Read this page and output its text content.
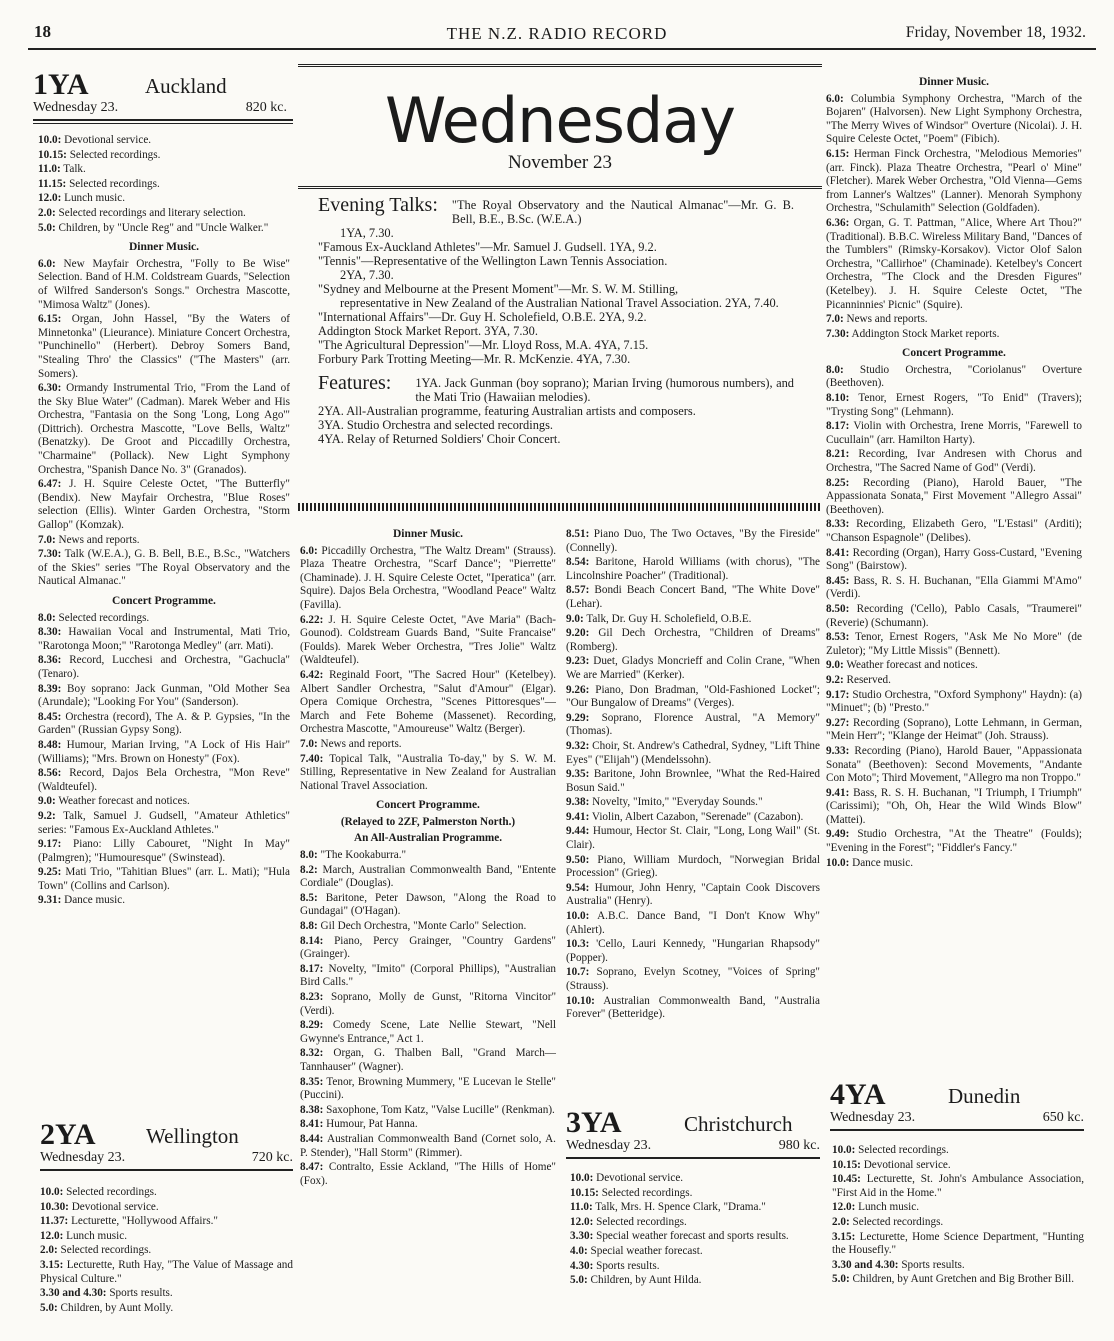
18	THE N.Z. RADIO RECORD	Friday, November 18, 1932.
1YA	Auckland
Wednesday 23.	820 kc.

10.0: Devotional service.

10.15: Selected recordings.

11.0: Talk.

11.15: Selected recordings.

12.0: Lunch music.

2.0: Selected recordings and literary selection.

5.0: Children, by "Uncle Reg" and "Uncle Walker."

Dinner Music.

6.0: New Mayfair Orchestra, "Folly to Be Wise" Selection. Band of H.M. Coldstream Guards, "Selection of Wilfred Sanderson's Songs." Orchestra Mascotte, "Mimosa Waltz" (Jones).

6.15: Organ, John Hassel, "By the Waters of Minnetonka" (Lieurance). Miniature Concert Orchestra, "Punchinello" (Herbert). Debroy Somers Band, "Stealing Thro' the Classics" ("The Masters" (arr. Somers).

6.30: Ormandy Instrumental Trio, "From the Land of the Sky Blue Water" (Cadman). Marek Weber and His Orchestra, "Fantasia on the Song 'Long, Long Ago'" (Dittrich). Orchestra Mascotte, "Love Bells, Waltz" (Benatzky). De Groot and Piccadilly Orchestra, "Charmaine" (Pollack). New Light Symphony Orchestra, "Spanish Dance No. 3" (Granados).

6.47: J. H. Squire Celeste Octet, "The Butterfly" (Bendix). New Mayfair Orchestra, "Blue Roses" selection (Ellis). Winter Garden Orchestra, "Storm Gallop" (Komzak).

7.0: News and reports.

7.30: Talk (W.E.A.), G. B. Bell, B.E., B.Sc., "Watchers of the Skies" series "The Royal Observatory and the Nautical Almanac."

Concert Programme.

8.0: Selected recordings.

8.30: Hawaiian Vocal and Instrumental, Mati Trio, "Rarotonga Moon;" "Rarotonga Medley" (arr. Mati).

8.36: Record, Lucchesi and Orchestra, "Gachucla" (Tenaro).

8.39: Boy soprano: Jack Gunman, "Old Mother Sea (Arundale); "Looking For You" (Sanderson).

8.45: Orchestra (record), The A. & P. Gypsies, "In the Garden" (Russian Gypsy Song).

8.48: Humour, Marian Irving, "A Lock of His Hair" (Williams); "Mrs. Brown on Honesty" (Fox).

8.56: Record, Dajos Bela Orchestra, "Mon Reve" (Waldteufel).

9.0: Weather forecast and notices.

9.2: Talk, Samuel J. Gudsell, "Amateur Athletics" series: "Famous Ex-Auckland Athletes."

9.17: Piano: Lilly Cabouret, "Night In May" (Palmgren); "Humouresque" (Swinstead).

9.25: Mati Trio, "Tahitian Blues" (arr. L. Mati); "Hula Town" (Collins and Carlson).

9.31: Dance music.

2YA Wellington
Wednesday 23.	720 kc.

10.0: Selected recordings.

10.30: Devotional service.

11.37: Lecturette, "Hollywood Affairs."

12.0: Lunch music.

2.0: Selected recordings.

3.15: Lecturette, Ruth Hay, "The Value of Massage and Physical Culture."

3.30 and 4.30: Sports results.

5.0: Children, by Aunt Molly.

Wednesday
November 23
Evening Talks: "The Royal Observatory and the Nautical Almanac"—Mr. G. B. Bell, B.E., B.Sc. (W.E.A.)

1YA, 7.30.

"Famous Ex-Auckland Athletes"—Mr. Samuel J. Gudsell. 1YA, 9.2.

"Tennis"—Representative of the Wellington Lawn Tennis Association.

2YA, 7.30.

"Sydney and Melbourne at the Present Moment"—Mr. S. W. M. Stilling,

representative in New Zealand of the Australian National Travel Association. 2YA, 7.40.

"International Affairs"—Dr. Guy H. Scholefield, O.B.E. 2YA, 9.2.

Addington Stock Market Report. 3YA, 7.30.

"The Agricultural Depression"—Mr. Lloyd Ross, M.A. 4YA, 7.15.

Forbury Park Trotting Meeting—Mr. R. McKenzie. 4YA, 7.30.

Features: 1YA. Jack Gunman (boy soprano); Marian Irving (humorous numbers), and the Mati Trio (Hawaiian melodies).

2YA. All-Australian programme, featuring Australian artists and composers.

3YA. Studio Orchestra and selected recordings.

4YA. Relay of Returned Soldiers' Choir Concert.

Dinner Music.

6.0: Piccadilly Orchestra, "The Waltz Dream" (Strauss). Plaza Theatre Orchestra, "Scarf Dance"; "Pierrette" (Chaminade). J. H. Squire Celeste Octet, "Iperatica" (arr. Squire). Dajos Bela Orchestra, "Woodland Peace" Waltz (Favilla).

6.22: J. H. Squire Celeste Octet, "Ave Maria" (Bach-Gounod). Coldstream Guards Band, "Suite Francaise" (Foulds). Marek Weber Orchestra, "Tres Jolie" Waltz (Waldteufel).

6.42: Reginald Foort, "The Sacred Hour" (Ketelbey). Albert Sandler Orchestra, "Salut d'Amour" (Elgar). Opera Comique Orchestra, "Scenes Pittoresques"—March and Fete Boheme (Massenet). Recording, Orchestra Mascotte, "Amoureuse" Waltz (Berger).

7.0: News and reports.

7.40: Topical Talk, "Australia To-day," by S. W. M. Stilling, Representative in New Zealand for Australian National Travel Association.

Concert Programme.
(Relayed to 2ZF, Palmerston North.)
An All-Australian Programme.

8.0: "The Kookaburra."

8.2: March, Australian Commonwealth Band, "Entente Cordiale" (Douglas).

8.5: Baritone, Peter Dawson, "Along the Road to Gundagai" (O'Hagan).

8.8: Gil Dech Orchestra, "Monte Carlo" Selection.

8.14: Piano, Percy Grainger, "Country Gardens" (Grainger).

8.17: Novelty, "Imito" (Corporal Phillips), "Australian Bird Calls."

8.23: Soprano, Molly de Gunst, "Ritorna Vincitor" (Verdi).

8.29: Comedy Scene, Late Nellie Stewart, "Nell Gwynne's Entrance," Act 1.

8.32: Organ, G. Thalben Ball, "Grand March—Tannhauser" (Wagner).

8.35: Tenor, Browning Mummery, "E Lucevan le Stelle" (Puccini).

8.38: Saxophone, Tom Katz, "Valse Lucille" (Renkman).

8.41: Humour, Pat Hanna.

8.44: Australian Commonwealth Band (Cornet solo, A. P. Stender), "Hall Storm" (Rimmer).

8.47: Contralto, Essie Ackland, "The Hills of Home" (Fox).

8.51: Piano Duo, The Two Octaves, "By the Fireside" (Connelly).

8.54: Baritone, Harold Williams (with chorus), "The Lincolnshire Poacher" (Traditional).

8.57: Bondi Beach Concert Band, "The White Dove" (Lehar).

9.0: Talk, Dr. Guy H. Scholefield, O.B.E.

9.20: Gil Dech Orchestra, "Children of Dreams" (Romberg).

9.23: Duet, Gladys Moncrieff and Colin Crane, "When We are Married" (Kerker).

9.26: Piano, Don Bradman, "Old-Fashioned Locket"; "Our Bungalow of Dreams" (Verges).

9.29: Soprano, Florence Austral, "A Memory" (Thomas).

9.32: Choir, St. Andrew's Cathedral, Sydney, "Lift Thine Eyes" ("Elijah") (Mendelssohn).

9.35: Baritone, John Brownlee, "What the Red-Haired Bosun Said."

9.38: Novelty, "Imito," "Everyday Sounds."

9.41: Violin, Albert Cazabon, "Serenade" (Cazabon).

9.44: Humour, Hector St. Clair, "Long, Long Wail" (St. Clair).

9.50: Piano, William Murdoch, "Norwegian Bridal Procession" (Grieg).

9.54: Humour, John Henry, "Captain Cook Discovers Australia" (Henry).

10.0: A.B.C. Dance Band, "I Don't Know Why" (Ahlert).

10.3: 'Cello, Lauri Kennedy, "Hungarian Rhapsody" (Popper).

10.7: Soprano, Evelyn Scotney, "Voices of Spring" (Strauss).

10.10: Australian Commonwealth Band, "Australia Forever" (Betteridge).

3YA	Christchurch
Wednesday 23.	980 kc.

10.0: Devotional service.

10.15: Selected recordings.

11.0: Talk, Mrs. H. Spence Clark, "Drama."

12.0: Selected recordings.

3.30: Special weather forecast and sports results.

4.0: Special weather forecast.

4.30: Sports results.

5.0: Children, by Aunt Hilda.

Dinner Music.

6.0: Columbia Symphony Orchestra, "March of the Bojaren" (Halvorsen). New Light Symphony Orchestra, "The Merry Wives of Windsor" Overture (Nicolai). J. H. Squire Celeste Octet, "Poem" (Fibich).

6.15: Herman Finck Orchestra, "Melodious Memories" (arr. Finck). Plaza Theatre Orchestra, "Pearl o' Mine" (Fletcher). Marek Weber Orchestra, "Old Vienna—Gems from Lanner's Waltzes" (Lanner). Menorah Symphony Orchestra, "Schulamith" Selection (Goldfaden).

6.36: Organ, G. T. Pattman, "Alice, Where Art Thou?" (Traditional). B.B.C. Wireless Military Band, "Dances of the Tumblers" (Rimsky-Korsakov). Victor Olof Salon Orchestra, "Callirhoe" (Chaminade). Ketelbey's Concert Orchestra, "The Clock and the Dresden Figures" (Ketelbey). J. H. Squire Celeste Octet, "The Picanninnies' Picnic" (Squire).

7.0: News and reports.

7.30: Addington Stock Market reports.

Concert Programme.

8.0: Studio Orchestra, "Coriolanus" Overture (Beethoven).

8.10: Tenor, Ernest Rogers, "To Enid" (Travers); "Trysting Song" (Lehmann).

8.17: Violin with Orchestra, Irene Morris, "Farewell to Cucullain" (arr. Hamilton Harty).

8.21: Recording, Ivar Andresen with Chorus and Orchestra, "The Sacred Name of God" (Verdi).

8.25: Recording (Piano), Harold Bauer, "The Appassionata Sonata," First Movement "Allegro Assai" (Beethoven).

8.33: Recording, Elizabeth Gero, "L'Estasi" (Arditi); "Chanson Espagnole" (Delibes).

8.41: Recording (Organ), Harry Goss-Custard, "Evening Song" (Bairstow).

8.45: Bass, R. S. H. Buchanan, "Ella Giammi M'Amo" (Verdi).

8.50: Recording ('Cello), Pablo Casals, "Traumerei" (Reverie) (Schumann).

8.53: Tenor, Ernest Rogers, "Ask Me No More" (de Zuletor); "My Little Missis" (Bennett).

9.0: Weather forecast and notices.

9.2: Reserved.

9.17: Studio Orchestra, "Oxford Symphony" Haydn): (a) "Minuet"; (b) "Presto."

9.27: Recording (Soprano), Lotte Lehmann, in German, "Mein Herr"; "Klange der Heimat" (Joh. Strauss).

9.33: Recording (Piano), Harold Bauer, "Appassionata Sonata" (Beethoven): Second Movements, "Andante Con Moto"; Third Movement, "Allegro ma non Troppo."

9.41: Bass, R. S. H. Buchanan, "I Triumph, I Triumph" (Carissimi); "Oh, Oh, Hear the Wild Winds Blow" (Mattei).

9.49: Studio Orchestra, "At the Theatre" (Foulds); "Evening in the Forest"; "Fiddler's Fancy."

10.0: Dance music.

4YA	Dunedin
Wednesday 23.	650 kc.

10.0: Selected recordings.

10.15: Devotional service.

10.45: Lecturette, St. John's Ambulance Association, "First Aid in the Home."

12.0: Lunch music.

2.0: Selected recordings.

3.15: Lecturette, Home Science Department, "Hunting the Housefly."

3.30 and 4.30: Sports results.

5.0: Children, by Aunt Gretchen and Big Brother Bill.
